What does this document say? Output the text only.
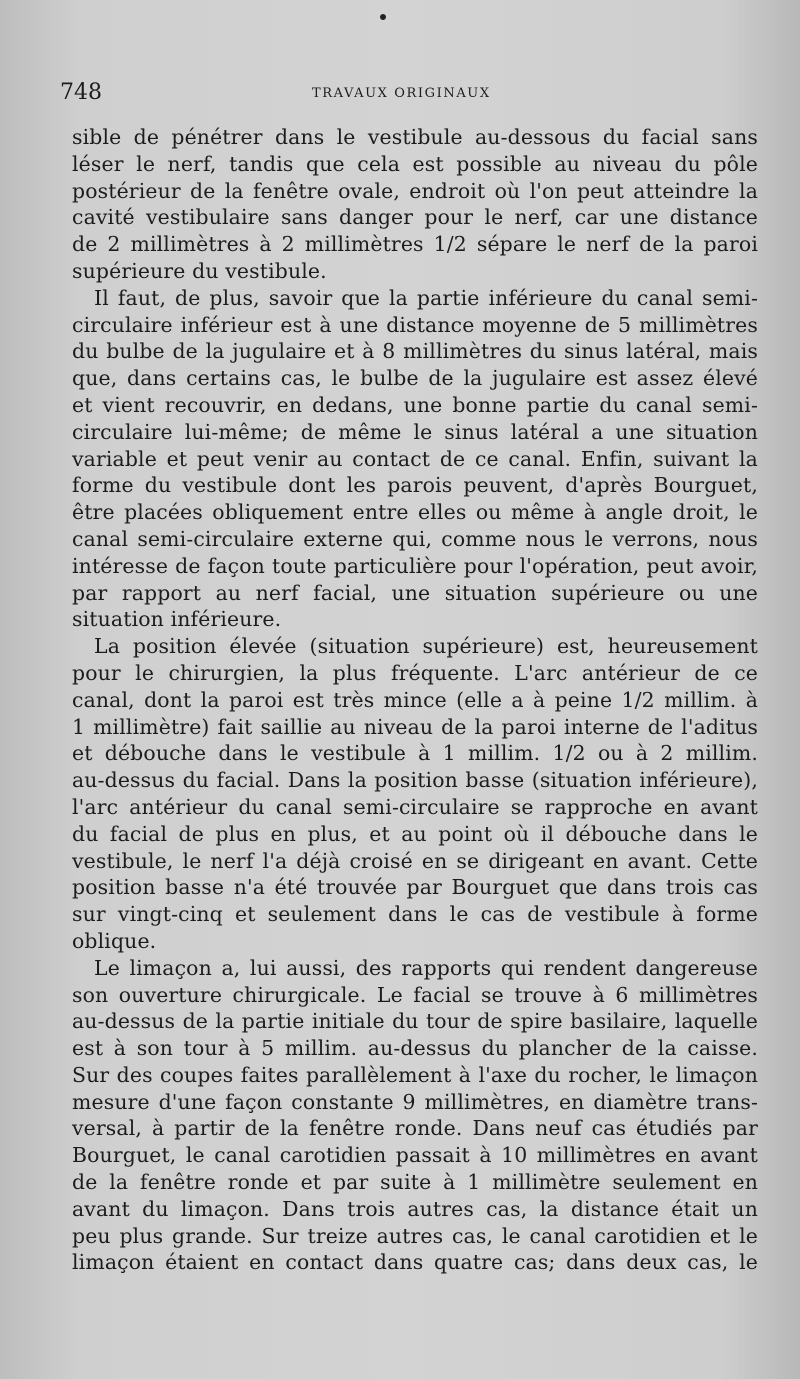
748	TRAVAUX ORIGINAUX
sible de pénétrer dans le vestibule au-dessous du facial sans
léser le nerf, tandis que cela est possible au niveau du pôle
postérieur de la fenêtre ovale, endroit où l'on peut atteindre la
cavité vestibulaire sans danger pour le nerf, car une distance
de 2 millimètres à 2 millimètres 1/2 sépare le nerf de la paroi
supérieure du vestibule.
Il faut, de plus, savoir que la partie inférieure du canal semi-
circulaire inférieur est à une distance moyenne de 5 millimètres
du bulbe de la jugulaire et à 8 millimètres du sinus latéral, mais
que, dans certains cas, le bulbe de la jugulaire est assez élevé
et vient recouvrir, en dedans, une bonne partie du canal semi-
circulaire lui-même; de même le sinus latéral a une situation
variable et peut venir au contact de ce canal. Enfin, suivant la
forme du vestibule dont les parois peuvent, d'après Bourguet,
être placées obliquement entre elles ou même à angle droit, le
canal semi-circulaire externe qui, comme nous le verrons, nous
intéresse de façon toute particulière pour l'opération, peut avoir,
par rapport au nerf facial, une situation supérieure ou une
situation inférieure.
La position élevée (situation supérieure) est, heureusement
pour le chirurgien, la plus fréquente. L'arc antérieur de ce
canal, dont la paroi est très mince (elle a à peine 1/2 millim. à
1 millimètre) fait saillie au niveau de la paroi interne de l'aditus
et débouche dans le vestibule à 1 millim. 1/2 ou à 2 millim.
au-dessus du facial. Dans la position basse (situation inférieure),
l'arc antérieur du canal semi-circulaire se rapproche en avant
du facial de plus en plus, et au point où il débouche dans le
vestibule, le nerf l'a déjà croisé en se dirigeant en avant. Cette
position basse n'a été trouvée par Bourguet que dans trois cas
sur vingt-cinq et seulement dans le cas de vestibule à forme
oblique.
Le limaçon a, lui aussi, des rapports qui rendent dangereuse
son ouverture chirurgicale. Le facial se trouve à 6 millimètres
au-dessus de la partie initiale du tour de spire basilaire, laquelle
est à son tour à 5 millim. au-dessus du plancher de la caisse.
Sur des coupes faites parallèlement à l'axe du rocher, le limaçon
mesure d'une façon constante 9 millimètres, en diamètre trans-
versal, à partir de la fenêtre ronde. Dans neuf cas étudiés par
Bourguet, le canal carotidien passait à 10 millimètres en avant
de la fenêtre ronde et par suite à 1 millimètre seulement en
avant du limaçon. Dans trois autres cas, la distance était un
peu plus grande. Sur treize autres cas, le canal carotidien et le
limaçon étaient en contact dans quatre cas; dans deux cas, le
